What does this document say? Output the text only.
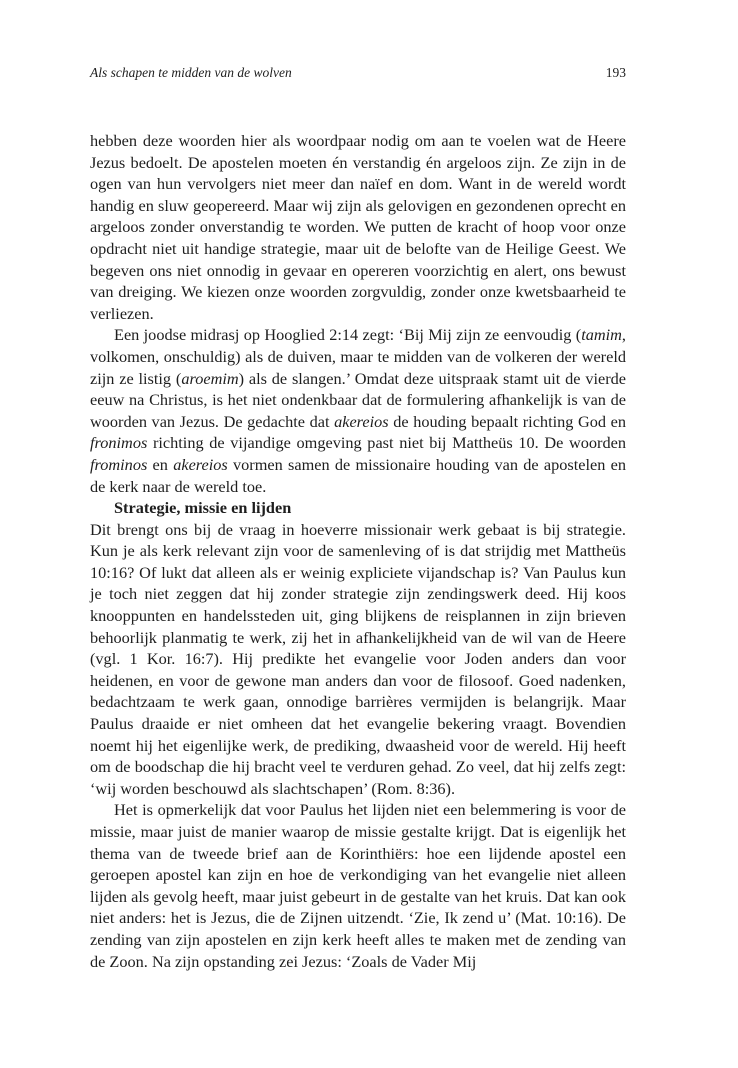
Als schapen te midden van de wolven	193

hebben deze woorden hier als woordpaar nodig om aan te voelen wat de Heere Jezus bedoelt. De apostelen moeten én verstandig én argeloos zijn. Ze zijn in de ogen van hun vervolgers niet meer dan naïef en dom. Want in de wereld wordt handig en sluw geopereerd. Maar wij zijn als gelovigen en gezondenen oprecht en argeloos zonder onverstandig te worden. We putten de kracht of hoop voor onze opdracht niet uit handige strategie, maar uit de belofte van de Heilige Geest. We begeven ons niet onnodig in gevaar en opereren voorzichtig en alert, ons bewust van dreiging. We kiezen onze woorden zorgvuldig, zonder onze kwetsbaarheid te verliezen.

Een joodse midrasj op Hooglied 2:14 zegt: ‘Bij Mij zijn ze eenvoudig (tamim, volkomen, onschuldig) als de duiven, maar te midden van de volkeren der wereld zijn ze listig (aroemim) als de slangen.’ Omdat deze uitspraak stamt uit de vierde eeuw na Christus, is het niet ondenkbaar dat de formulering afhankelijk is van de woorden van Jezus. De gedachte dat akereios de houding bepaalt richting God en fronimos richting de vijandige omgeving past niet bij Mattheüs 10. De woorden frominos en akereios vormen samen de missionaire houding van de apostelen en de kerk naar de wereld toe.

Strategie, missie en lijden

Dit brengt ons bij de vraag in hoeverre missionair werk gebaat is bij strategie. Kun je als kerk relevant zijn voor de samenleving of is dat strijdig met Mattheüs 10:16? Of lukt dat alleen als er weinig expliciete vijandschap is? Van Paulus kun je toch niet zeggen dat hij zonder strategie zijn zendingswerk deed. Hij koos knooppunten en handelssteden uit, ging blijkens de reisplannen in zijn brieven behoorlijk planmatig te werk, zij het in afhankelijkheid van de wil van de Heere (vgl. 1 Kor. 16:7). Hij predikte het evangelie voor Joden anders dan voor heidenen, en voor de gewone man anders dan voor de filosoof. Goed nadenken, bedachtzaam te werk gaan, onnodige barrières vermijden is belangrijk. Maar Paulus draaide er niet omheen dat het evangelie bekering vraagt. Bovendien noemt hij het eigenlijke werk, de prediking, dwaasheid voor de wereld. Hij heeft om de boodschap die hij bracht veel te verduren gehad. Zo veel, dat hij zelfs zegt: ‘wij worden beschouwd als slachtschapen’ (Rom. 8:36).

Het is opmerkelijk dat voor Paulus het lijden niet een belemmering is voor de missie, maar juist de manier waarop de missie gestalte krijgt. Dat is eigenlijk het thema van de tweede brief aan de Korinthiërs: hoe een lijdende apostel een geroepen apostel kan zijn en hoe de verkondiging van het evangelie niet alleen lijden als gevolg heeft, maar juist gebeurt in de gestalte van het kruis. Dat kan ook niet anders: het is Jezus, die de Zijnen uitzendt. ‘Zie, Ik zend u’ (Mat. 10:16). De zending van zijn apostelen en zijn kerk heeft alles te maken met de zending van de Zoon. Na zijn opstanding zei Jezus: ‘Zoals de Vader Mij
